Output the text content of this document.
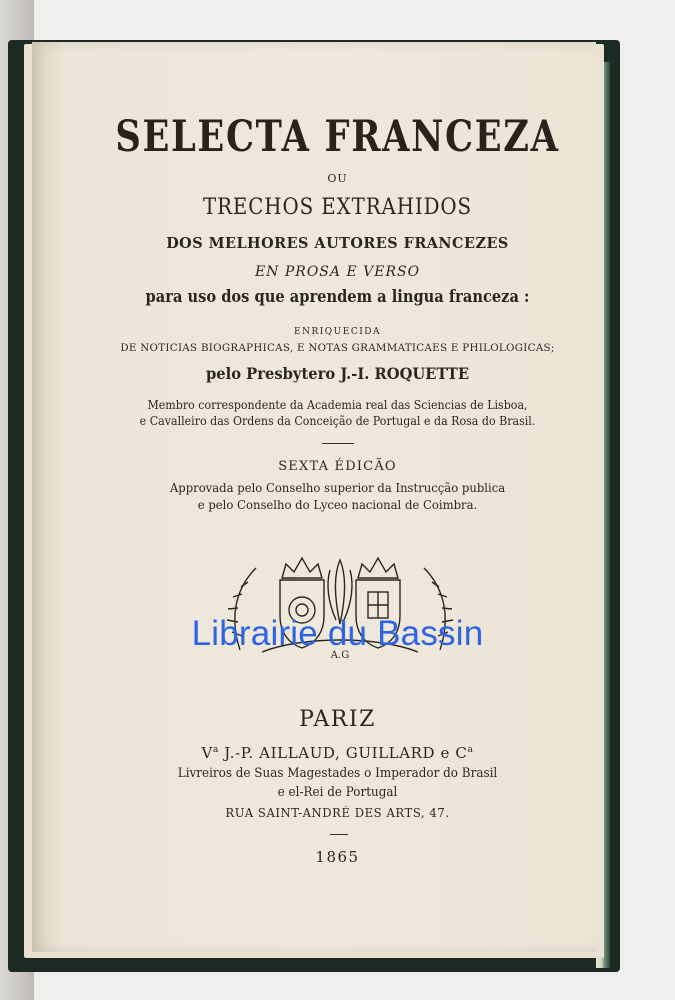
SELECTA FRANCEZA
OU
TRECHOS EXTRAHIDOS
DOS MELHORES AUTORES FRANCEZES
EN PROSA E VERSO
para uso dos que aprendem a lingua franceza :
ENRIQUECIDA
DE NOTICIAS BIOGRAPHICAS, E NOTAS GRAMMATICAES E PHILOLOGICAS;
pelo Presbytero J.-I. ROQUETTE
Membro correspondente da Academia real das Sciencias de Lisboa,
e Cavalleiro das Ordens da Conceição de Portugal e da Rosa do Brasil.
SEXTA ÉDICÃO
Approvada pelo Conselho superior da Instrucção publica
e pelo Conselho do Lyceo nacional de Coimbra.
A.G
Librairie du Bassin
PARIZ
$V^a$ J.-P. AILLAUD, GUILLARD e $C^a$
Livreiros de Suas Magestades o Imperador do Brasil
e el-Rei de Portugal
RUA SAINT-ANDRÉ DES ARTS, 47.
1865
